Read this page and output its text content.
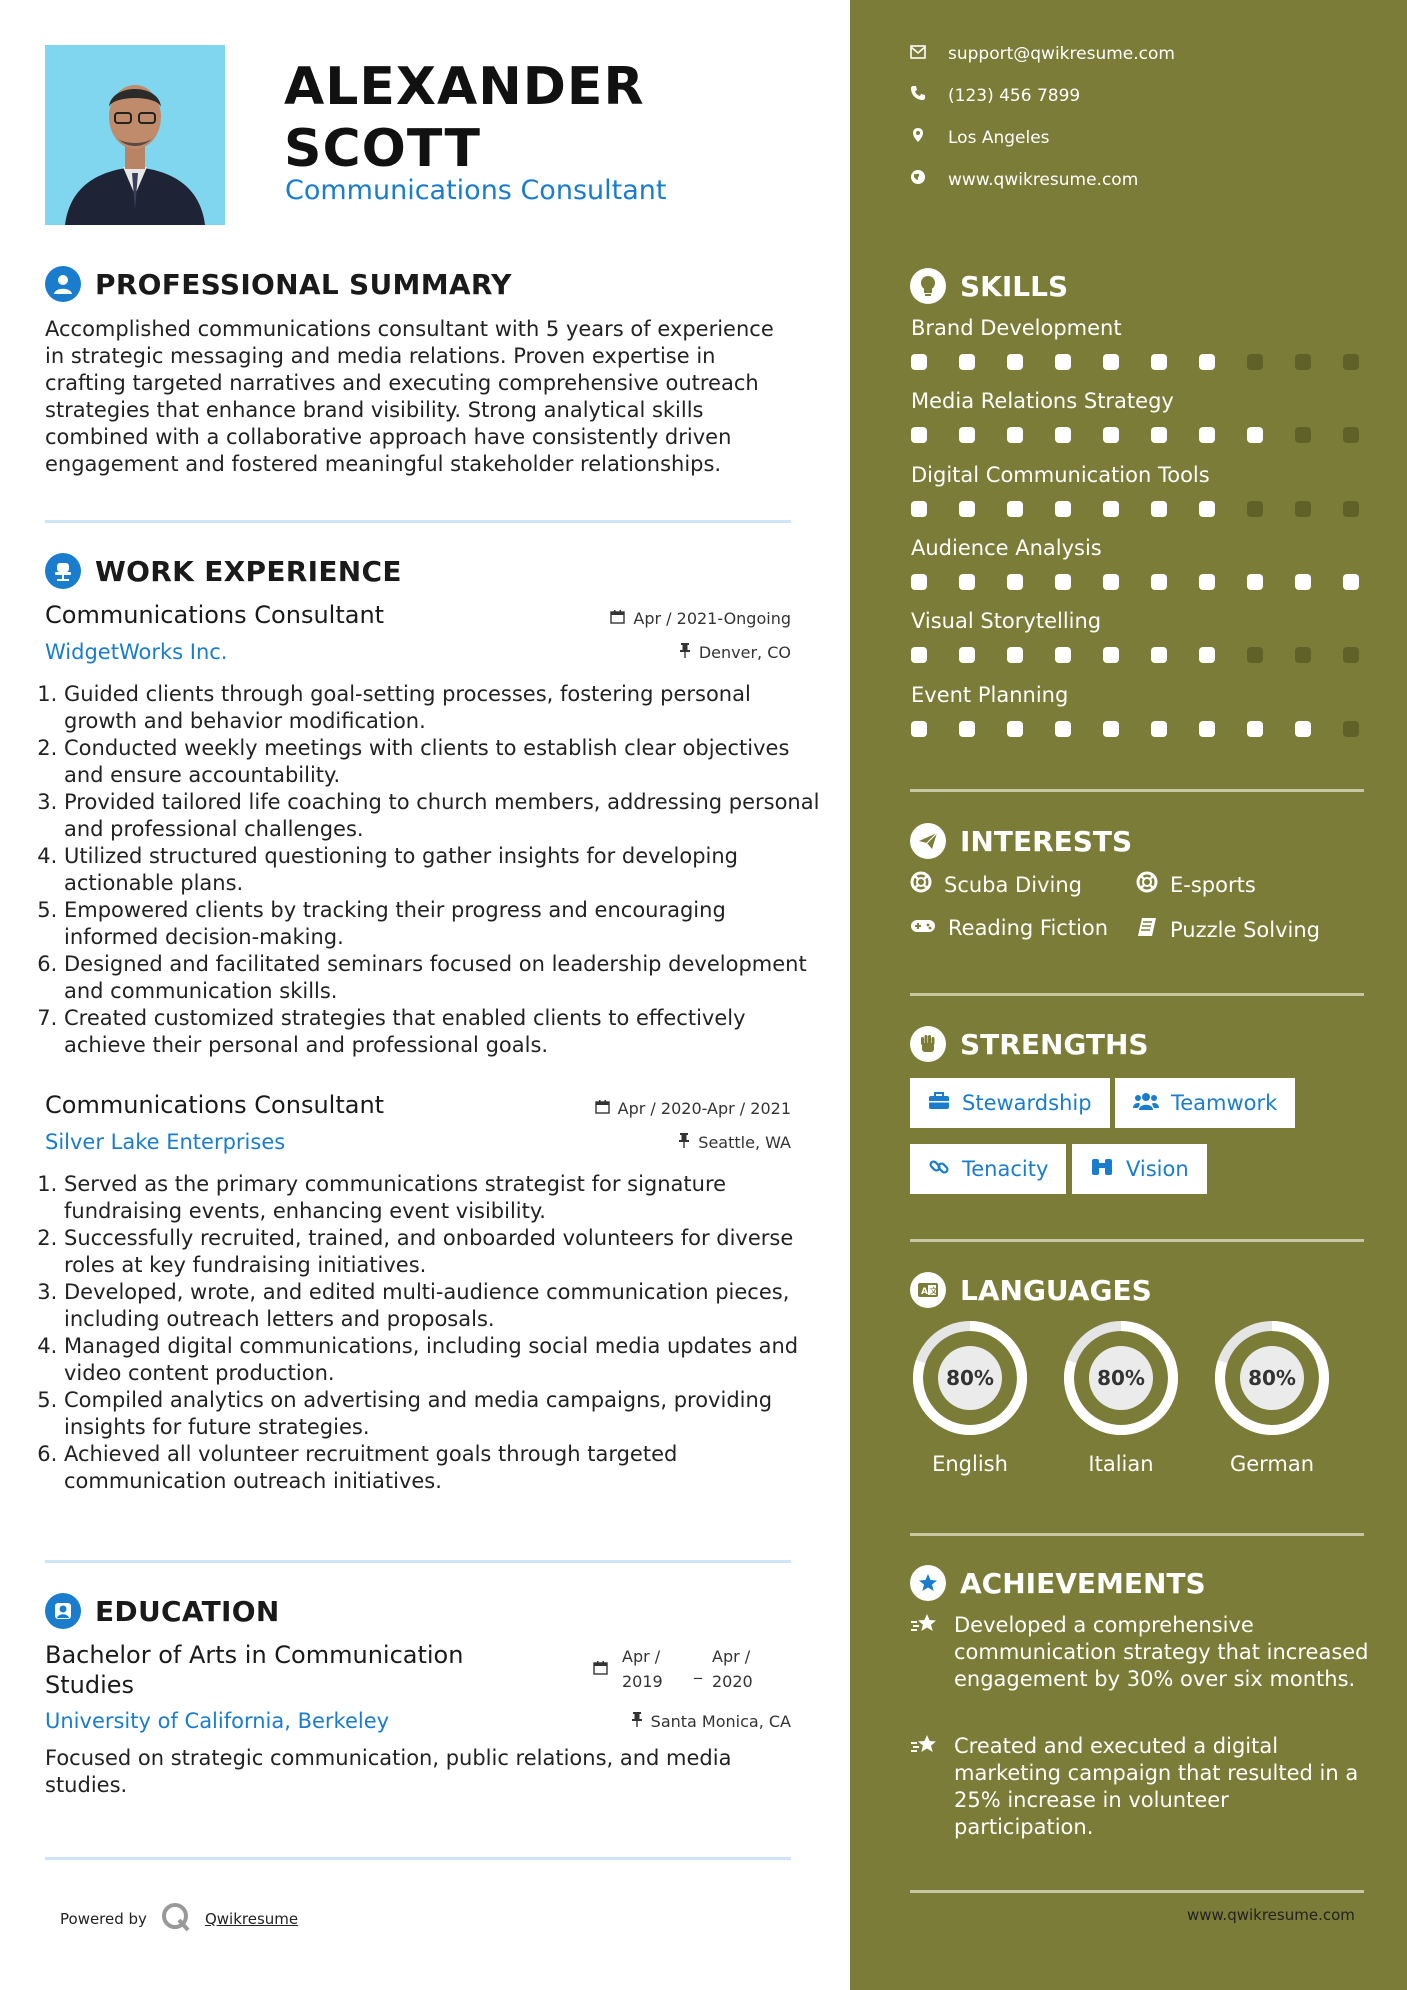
ALEXANDER SCOTT
Communications Consultant
PROFESSIONAL SUMMARY
Accomplished communications consultant with 5 years of experience in strategic messaging and media relations. Proven expertise in crafting targeted narratives and executing comprehensive outreach strategies that enhance brand visibility. Strong analytical skills combined with a collaborative approach have consistently driven engagement and fostered meaningful stakeholder relationships.
WORK EXPERIENCE
Communications Consultant	Apr / 2021-Ongoing
WidgetWorks Inc.	Denver, CO
1. Guided clients through goal-setting processes, fostering personal growth and behavior modification.
2. Conducted weekly meetings with clients to establish clear objectives and ensure accountability.
3. Provided tailored life coaching to church members, addressing personal and professional challenges.
4. Utilized structured questioning to gather insights for developing actionable plans.
5. Empowered clients by tracking their progress and encouraging informed decision-making.
6. Designed and facilitated seminars focused on leadership development and communication skills.
7. Created customized strategies that enabled clients to effectively achieve their personal and professional goals.
Communications Consultant	Apr / 2020-Apr / 2021
Silver Lake Enterprises	Seattle, WA
1. Served as the primary communications strategist for signature fundraising events, enhancing event visibility.
2. Successfully recruited, trained, and onboarded volunteers for diverse roles at key fundraising initiatives.
3. Developed, wrote, and edited multi-audience communication pieces, including outreach letters and proposals.
4. Managed digital communications, including social media updates and video content production.
5. Compiled analytics on advertising and media campaigns, providing insights for future strategies.
6. Achieved all volunteer recruitment goals through targeted communication outreach initiatives.
EDUCATION
Bachelor of Arts in Communication Studies
Apr /
2019
_
Apr /
2020
University of California, Berkeley	Santa Monica, CA
Focused on strategic communication, public relations, and media studies.
Powered by	Qwikresume
support@qwikresume.com
(123) 456 7899
Los Angeles
www.qwikresume.com
SKILLS
Brand Development
Media Relations Strategy
Digital Communication Tools
Audience Analysis
Visual Storytelling
Event Planning
INTERESTS
Scuba Diving	E-sports
Reading Fiction	Puzzle Solving
STRENGTHS
Stewardship	Teamwork
Tenacity	Vision
A 文 LANGUAGES
80%
English
80%
Italian
80%
German
ACHIEVEMENTS
Developed a comprehensive communication strategy that increased engagement by 30% over six months.
Created and executed a digital marketing campaign that resulted in a 25% increase in volunteer participation.
www.qwikresume.com
